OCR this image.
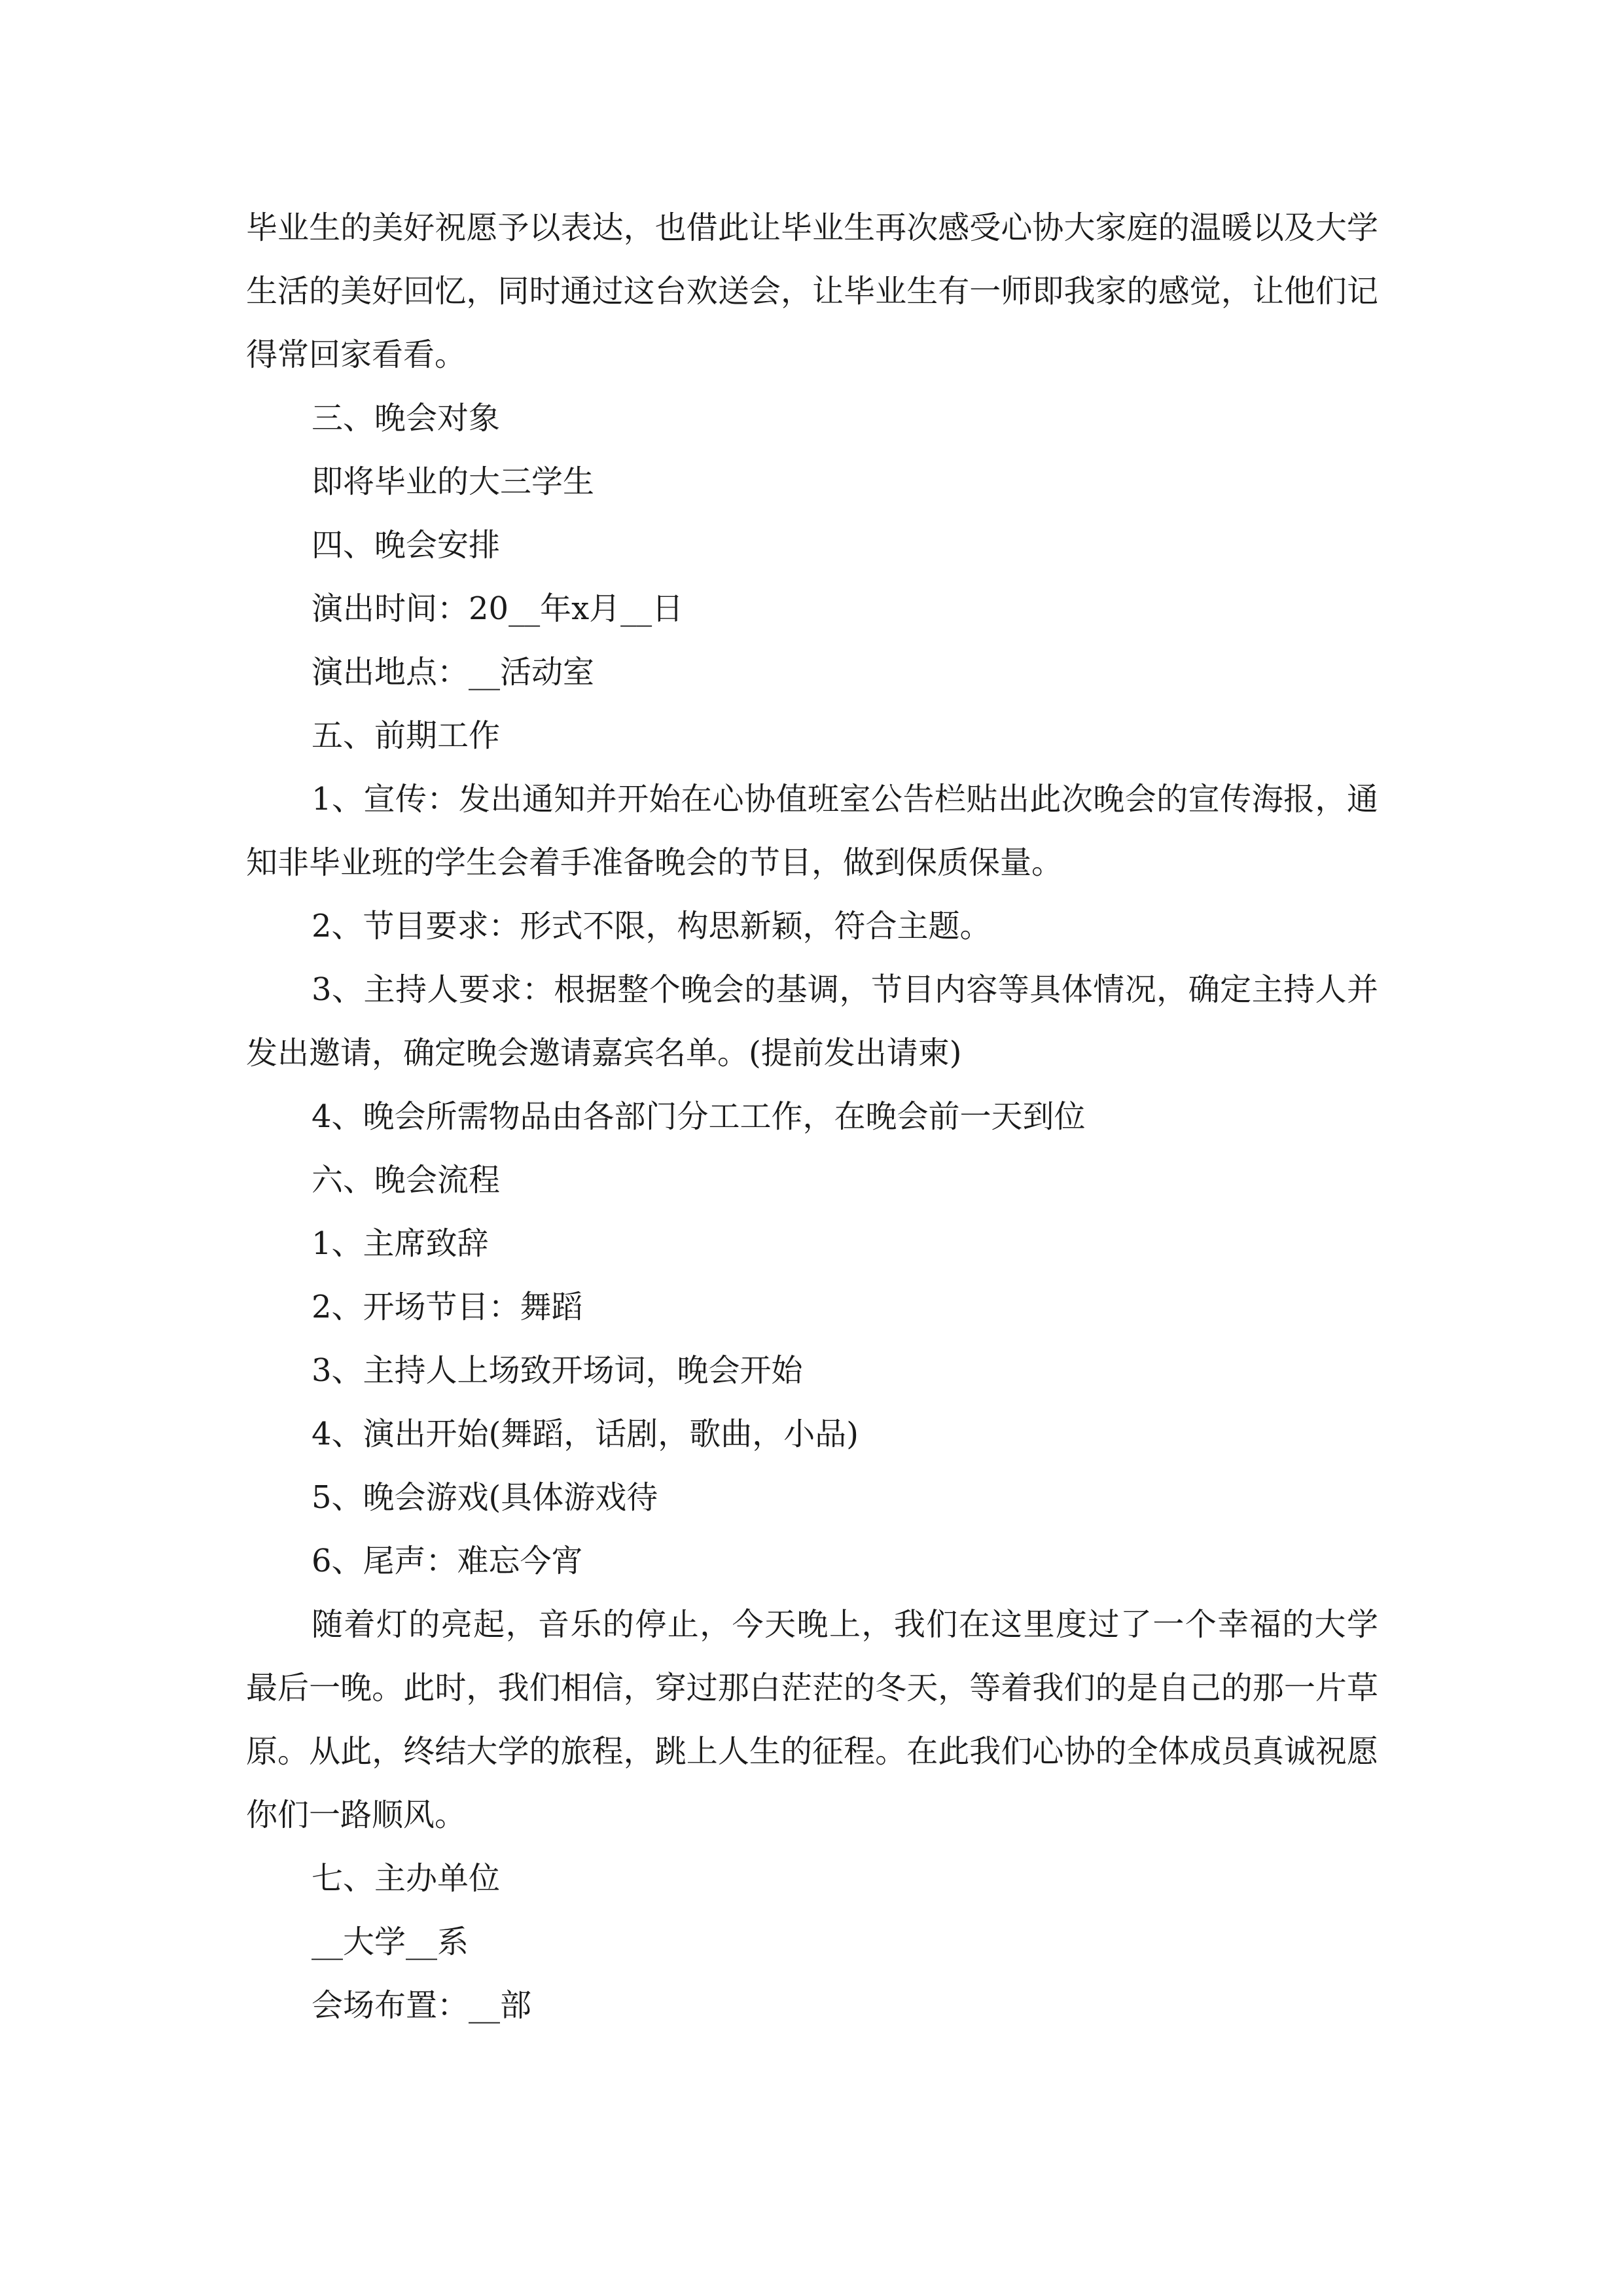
毕业生的美好祝愿予以表达，也借此让毕业生再次感受心协大家庭的温暖以及大学生活的美好回忆，同时通过这台欢送会，让毕业生有一师即我家的感觉，让他们记得常回家看看。

三、晚会对象

即将毕业的大三学生

四、晚会安排

演出时间：20__年x月__日

演出地点：__活动室

五、前期工作

1、宣传：发出通知并开始在心协值班室公告栏贴出此次晚会的宣传海报，通知非毕业班的学生会着手准备晚会的节目，做到保质保量。

2、节目要求：形式不限，构思新颖，符合主题。

3、主持人要求：根据整个晚会的基调，节目内容等具体情况，确定主持人并发出邀请，确定晚会邀请嘉宾名单。(提前发出请柬)

4、晚会所需物品由各部门分工工作，在晚会前一天到位

六、晚会流程

1、主席致辞

2、开场节目：舞蹈

3、主持人上场致开场词，晚会开始

4、演出开始(舞蹈，话剧，歌曲，小品)

5、晚会游戏(具体游戏待

6、尾声：难忘今宵

随着灯的亮起，音乐的停止，今天晚上，我们在这里度过了一个幸福的大学最后一晚。此时，我们相信，穿过那白茫茫的冬天，等着我们的是自己的那一片草原。从此，终结大学的旅程，跳上人生的征程。在此我们心协的全体成员真诚祝愿你们一路顺风。

七、主办单位

__大学__系

会场布置：__部
